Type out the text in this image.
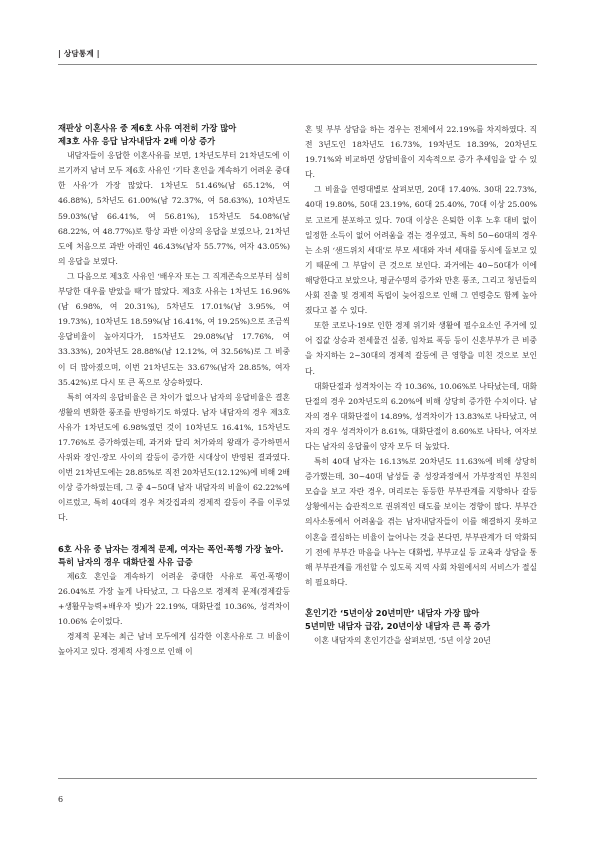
| 상담통계 |

재판상 이혼사유 중 제6호 사유 여전히 가장 많아
제3호 사유 응답 남자내담자 2배 이상 증가

내담자들이 응답한 이혼사유를 보면, 1차년도부터 21차년도에 이르기까지 남녀 모두 제6호 사유인 ‘기타 혼인을 계속하기 어려운 중대한 사유’가 가장 많았다. 1차년도 51.46%(남 65.12%, 여 46.88%), 5차년도 61.00%(남 72.37%, 여 58.63%), 10차년도 59.03%(남 66.41%, 여 56.81%), 15차년도 54.08%(남 68.22%, 여 48.77%)로 항상 과반 이상의 응답을 보였으나, 21차년도에 처음으로 과반 아래인 46.43%(남자 55.77%, 여자 43.05%)의 응답을 보였다.

그 다음으로 제3호 사유인 ‘배우자 또는 그 직계존속으로부터 심히 부당한 대우를 받았을 때’가 많았다. 제3호 사유는 1차년도 16.96%(남 6.98%, 여 20.31%), 5차년도 17.01%(남 3.95%, 여 19.73%), 10차년도 18.59%(남 16.41%, 여 19.25%)으로 조금씩 응답비율이 높아지다가, 15차년도 29.08%(남 17.76%, 여 33.33%), 20차년도 28.88%(남 12.12%, 여 32.56%)로 그 비중이 더 많아졌으며, 이번 21차년도는 33.67%(남자 28.85%, 여자 35.42%)로 다시 또 큰 폭으로 상승하였다.

특히 여자의 응답비율은 큰 차이가 없으나 남자의 응답비율은 결혼생활의 변화한 풍조를 반영하기도 하였다. 남자 내담자의 경우 제3호 사유가 1차년도에 6.98%였던 것이 10차년도 16.41%, 15차년도 17.76%로 증가하였는데, 과거와 달리 처가와의 왕래가 증가하면서 사위와 장인·장모 사이의 갈등이 증가한 시대상이 반영된 결과였다. 이번 21차년도에는 28.85%로 직전 20차년도(12.12%)에 비해 2배 이상 증가하였는데, 그 중 4~50대 남자 내담자의 비율이 62.22%에 이르렀고, 특히 40대의 경우 처갓집과의 경제적 갈등이 주를 이루었다.

6호 사유 중 남자는 경제적 문제, 여자는 폭언·폭행 가장 높아. 특히 남자의 경우 대화단절 사유 급증

제6호 혼인을 계속하기 어려운 중대한 사유로 폭언·폭행이 26.04%로 가장 높게 나타났고, 그 다음으로 경제적 문제(경제갈등+생활무능력+배우자 빚)가 22.19%, 대화단절 10.36%, 성격차이 10.06% 순이었다.

경제적 문제는 최근 남녀 모두에게 심각한 이혼사유로 그 비율이 높아지고 있다. 경제적 사정으로 인해 이

혼 및 부부 상담을 하는 경우는 전체에서 22.19%를 차지하였다. 직전 3년도인 18차년도 16.73%, 19차년도 18.39%, 20차년도 19.71%와 비교하면 상담비율이 지속적으로 증가 추세임을 알 수 있다.

그 비율을 연령대별로 살펴보면, 20대 17.40%. 30대 22.73%, 40대 19.80%, 50대 23.19%, 60대 25.40%, 70대 이상 25.00%로 고르게 분포하고 있다. 70대 이상은 은퇴한 이후 노후 대비 없이 일정한 소득이 없어 어려움을 겪는 경우였고, 특히 50~60대의 경우는 소위 ‘샌드위치 세대’로 부모 세대와 자녀 세대를 동시에 돌보고 있기 때문에 그 부담이 큰 것으로 보인다. 과거에는 40~50대가 이에 해당한다고 보았으나, 평균수명의 증가와 만혼 풍조, 그리고 청년들의 사회 진출 및 경제적 독립이 늦어짐으로 인해 그 연령층도 함께 높아졌다고 볼 수 있다.

또한 코로나-19로 인한 경제 위기와 생활에 필수요소인 주거에 있어 집값 상승과 전세물건 실종, 임차료 폭등 등이 신혼부부가 큰 비중을 차지하는 2~30대의 경제적 갈등에 큰 영향을 미친 것으로 보인다.

대화단절과 성격차이는 각 10.36%, 10.06%로 나타났는데, 대화단절의 경우 20차년도의 6.20%에 비해 상당히 증가한 수치이다. 남자의 경우 대화단절이 14.89%, 성격차이가 13.83%로 나타났고, 여자의 경우 성격차이가 8.61%, 대화단절이 8.60%로 나타나, 여자보다는 남자의 응답률이 양자 모두 더 높았다.

특히 40대 남자는 16.13%로 20차년도 11.63%에 비해 상당히 증가했는데, 30~40대 남성들 중 성장과정에서 가부장적인 부친의 모습을 보고 자란 경우, 며리로는 동등한 부부관계를 지향하나 갈등 상황에서는 습관적으로 권위적인 태도를 보이는 경향이 많다. 부부간 의사소통에서 어려움을 겪는 남자내담자들이 이를 해결하지 못하고 이혼을 결심하는 비율이 늘어나는 것을 본다면, 부부관계가 더 악화되기 전에 부부간 마음을 나누는 대화법, 부부교실 등 교육과 상담을 통해 부부관계를 개선할 수 있도록 지역 사회 차원에서의 서비스가 절실히 필요하다.

혼인기간 ‘5년이상 20년미만’ 내담자 가장 많아
5년미만 내담자 급감, 20년이상 내담자 큰 폭 증가

이혼 내담자의 혼인기간을 살펴보면, ‘5년 이상 20년

6
